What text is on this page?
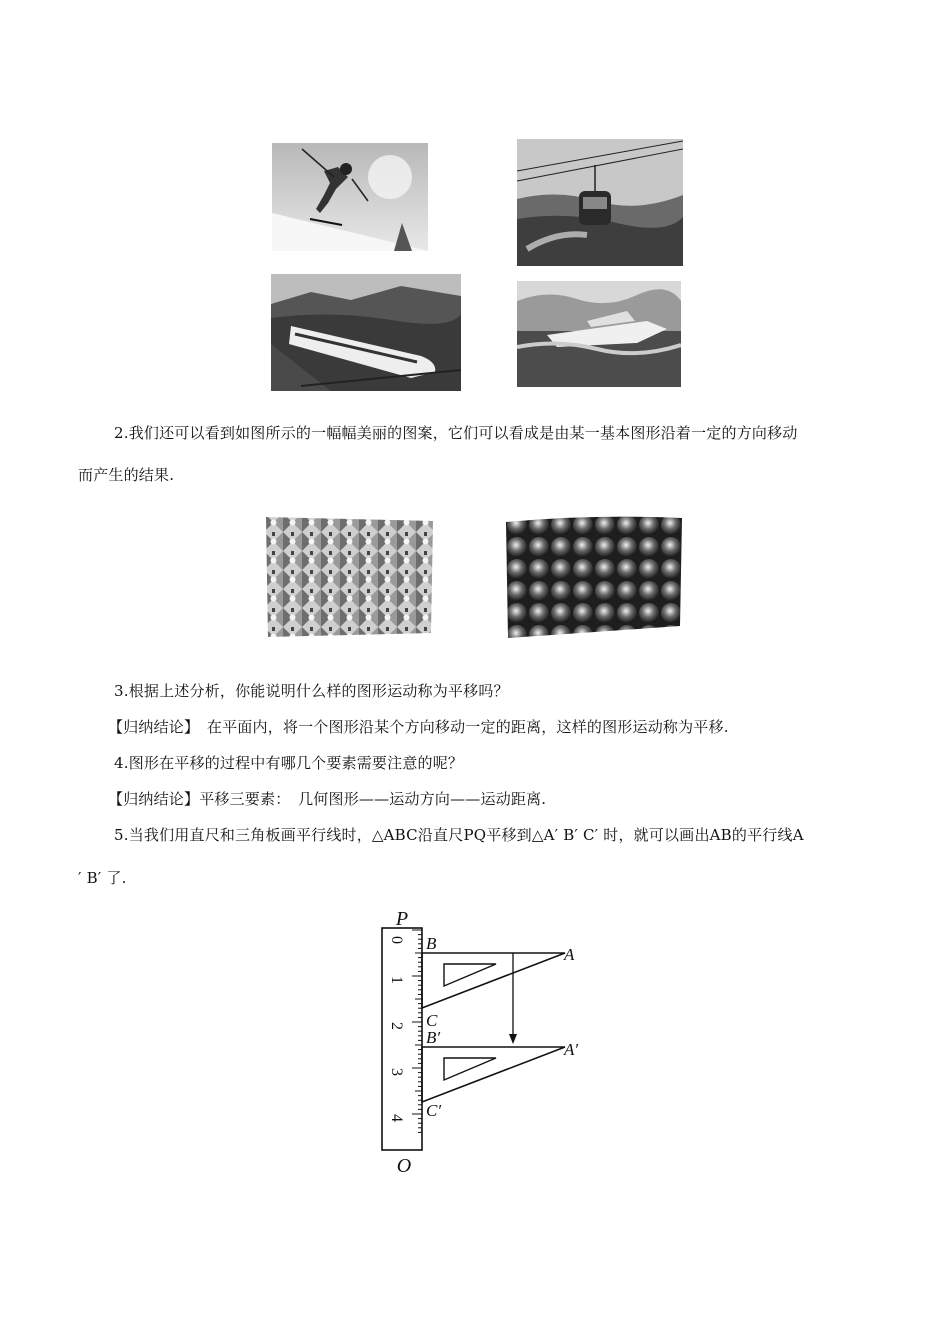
2.我们还可以看到如图所示的一幅幅美丽的图案，它们可以看成是由某一基本图形沿着一定的方向移动
而产生的结果.
3.根据上述分析，你能说明什么样的图形运动称为平移吗？
【归纳结论】　在平面内，将一个图形沿某个方向移动一定的距离，这样的图形运动称为平移.
4.图形在平移的过程中有哪几个要素需要注意的呢？
【归纳结论】平移三要素：　几何图形——运动方向——运动距离.
5.当我们用直尺和三角板画平行线时，△ABC沿直尺PQ平移到△A′ B′ C′ 时，就可以画出AB的平行线A
′ B′ 了.
P
O
0
1
2
3
4
B
A
C
B′
A′
C′
